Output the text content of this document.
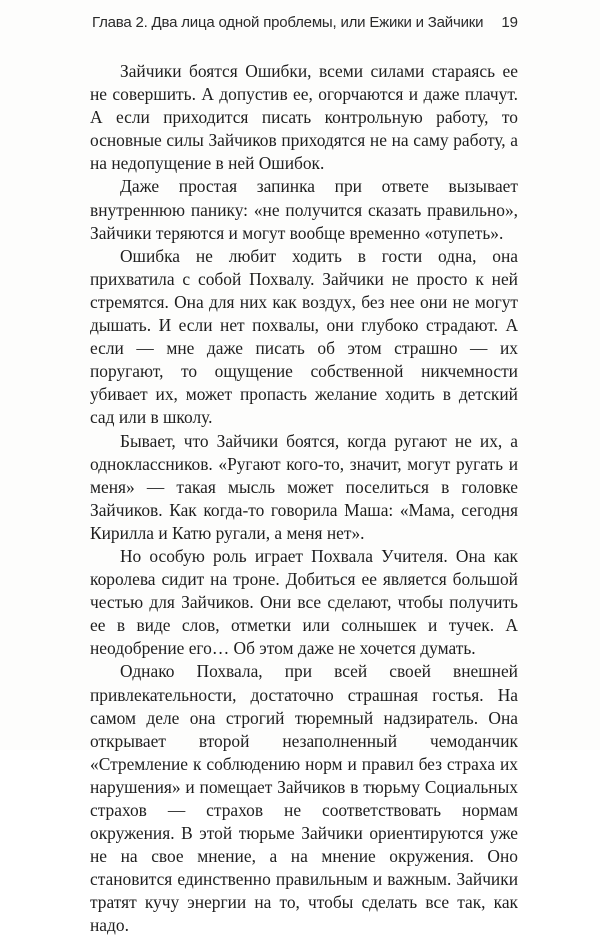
Глава 2. Два лица одной проблемы, или Ежики и Зайчики	19

Зайчики боятся Ошибки, всеми силами стараясь ее не совершить. А допустив ее, огорчаются и даже плачут. А если приходится писать контрольную работу, то основные силы Зайчиков приходятся не на саму работу, а на недопущение в ней Ошибок.

Даже простая запинка при ответе вызывает внутреннюю панику: «не получится сказать правильно», Зайчики теряются и могут вообще временно «отупеть».

Ошибка не любит ходить в гости одна, она прихватила с собой Похвалу. Зайчики не просто к ней стремятся. Она для них как воздух, без нее они не могут дышать. И если нет похвалы, они глубоко страдают. А если — мне даже писать об этом страшно — их поругают, то ощущение собственной никчемности убивает их, может пропасть желание ходить в детский сад или в школу.

Бывает, что Зайчики боятся, когда ругают не их, а одноклассников. «Ругают кого-то, значит, могут ругать и меня» — такая мысль может поселиться в головке Зайчиков. Как когда-то говорила Маша: «Мама, сегодня Кирилла и Катю ругали, а меня нет».

Но особую роль играет Похвала Учителя. Она как королева сидит на троне. Добиться ее является большой честью для Зайчиков. Они все сделают, чтобы получить ее в виде слов, отметки или солнышек и тучек. А неодобрение его… Об этом даже не хочется думать.

Однако Похвала, при всей своей внешней привлекательности, достаточно страшная гостья. На самом деле она строгий тюремный надзиратель. Она открывает второй незаполненный чемоданчик «Стремление к соблюдению норм и правил без страха их нарушения» и помещает Зайчиков в тюрьму Социальных страхов — страхов не соответствовать нормам окружения. В этой тюрьме Зайчики ориентируются уже не на свое мнение, а на мнение окружения. Оно становится единственно правильным и важным. Зайчики тратят кучу энергии на то, чтобы сделать все так, как надо.
